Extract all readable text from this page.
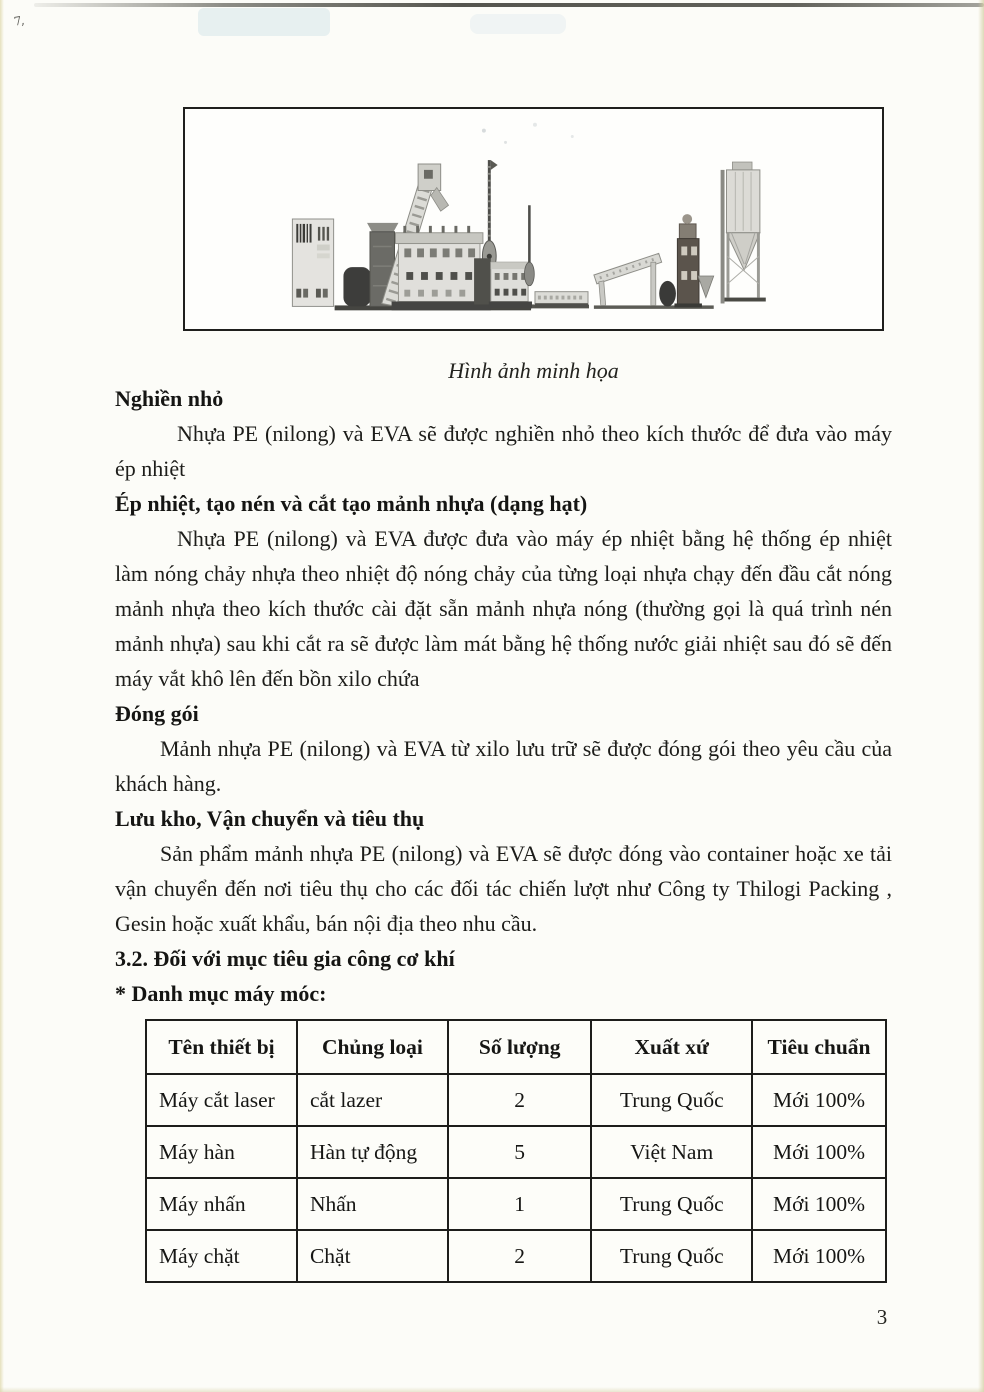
7,
Hình ảnh minh họa
Nghiền nhỏ

Nhựa PE (nilong) và EVA sẽ được nghiền nhỏ theo kích thước để đưa vào máy ép nhiệt

Ép nhiệt, tạo nén và cắt tạo mảnh nhựa (dạng hạt)

Nhựa PE (nilong) và EVA được đưa vào máy ép nhiệt bằng hệ thống ép nhiệt làm nóng chảy nhựa theo nhiệt độ nóng chảy của từng loại nhựa chạy đến đầu cắt nóng mảnh nhựa theo kích thước cài đặt sẵn mảnh nhựa nóng (thường gọi là quá trình nén mảnh nhựa) sau khi cắt ra sẽ được làm mát bằng hệ thống nước giải nhiệt sau đó sẽ đến máy vắt khô lên đến bồn xilo chứa

Đóng gói

Mảnh nhựa PE (nilong) và EVA từ xilo lưu trữ sẽ được đóng gói theo yêu cầu của khách hàng.

Lưu kho, Vận chuyển và tiêu thụ

Sản phẩm mảnh nhựa PE (nilong) và EVA sẽ được đóng vào container hoặc xe tải vận chuyển đến nơi tiêu thụ cho các đối tác chiến lượt như Công ty Thilogi Packing , Gesin hoặc xuất khẩu, bán nội địa theo nhu cầu.

3.2. Đối với mục tiêu gia công cơ khí
* Danh mục máy móc:
Tên thiết bị	Chủng loại	Số lượng	Xuất xứ	Tiêu chuẩn
Máy cắt laser	cắt lazer	2	Trung Quốc	Mới 100%
Máy hàn	Hàn tự động	5	Việt Nam	Mới 100%
Máy nhấn	Nhấn	1	Trung Quốc	Mới 100%
Máy chặt	Chặt	2	Trung Quốc	Mới 100%
3
